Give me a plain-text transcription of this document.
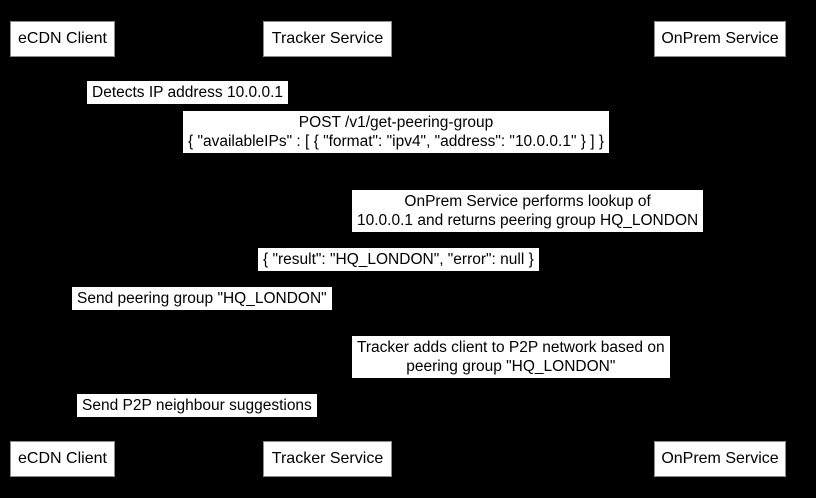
eCDN Client	Tracker Service	OnPrem Service
Detects IP address 10.0.0.1
POST /v1/get-peering-group
{ "availableIPs" : [ { "format": "ipv4", "address": "10.0.0.1" } ] }
OnPrem Service performs lookup of
10.0.0.1 and returns peering group HQ_LONDON
{ "result": "HQ_LONDON", "error": null }
Send peering group "HQ_LONDON"
Tracker adds client to P2P network based on
peering group "HQ_LONDON"
Send P2P neighbour suggestions
eCDN Client	Tracker Service	OnPrem Service
